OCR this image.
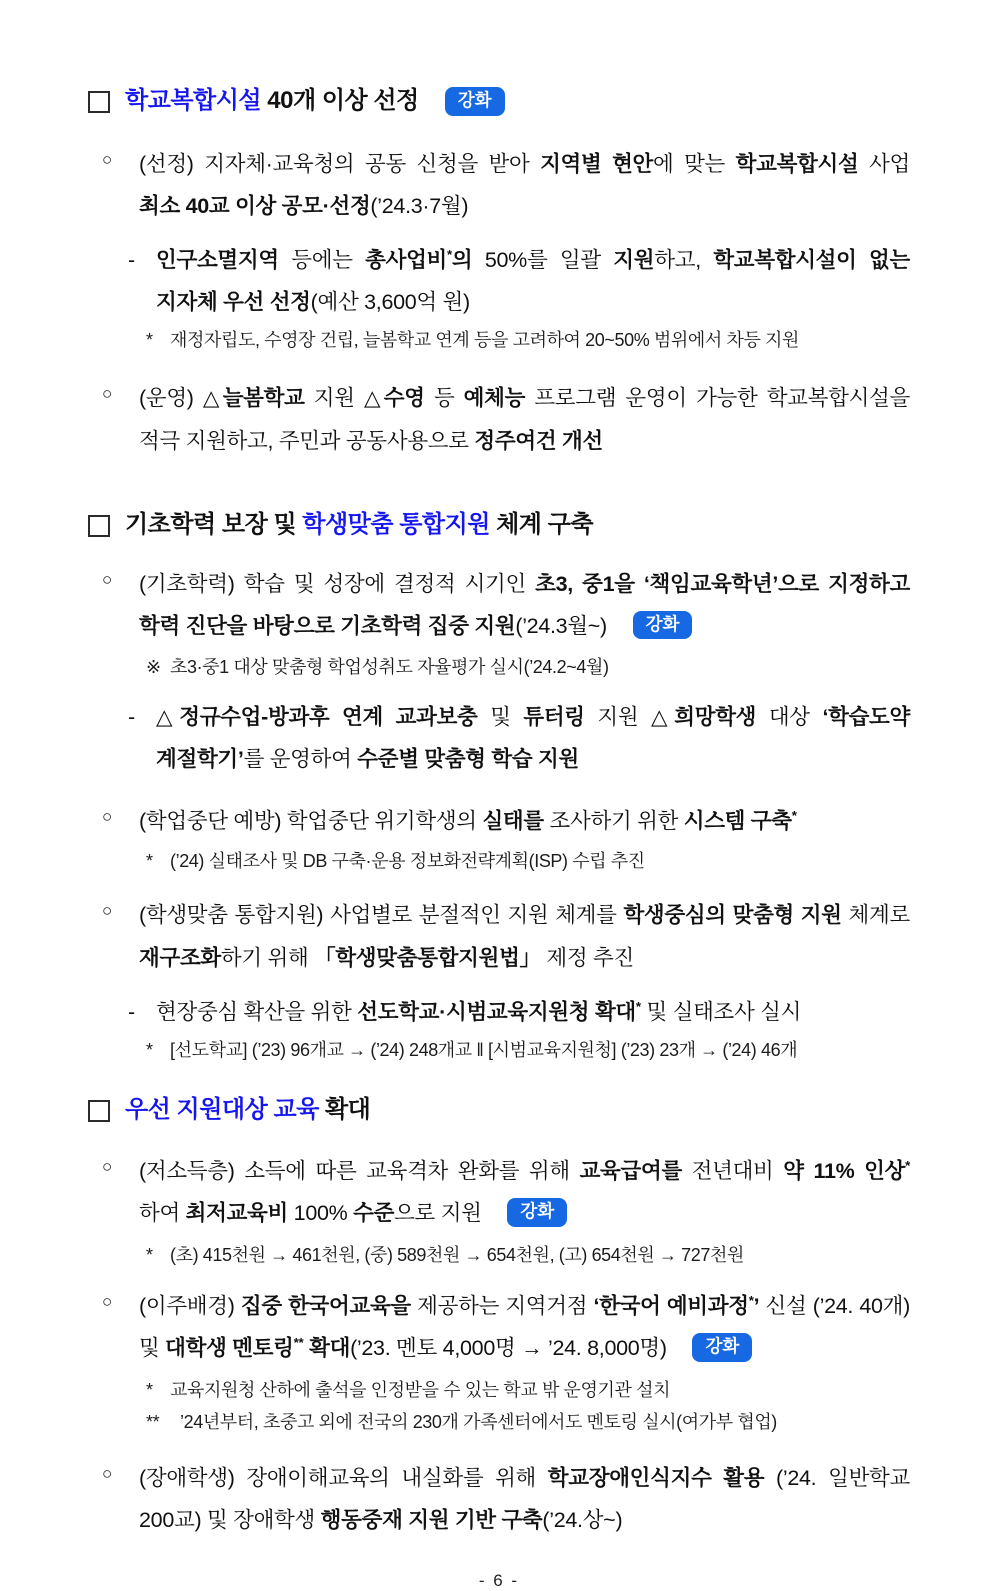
학교복합시설 40개 이상 선정 강화
○	(선정) 지자체·교육청의 공동 신청을 받아 지역별 현안에 맞는 학교복합시설 사업 최소 40교 이상 공모·선정(’24.3·7월)
- 인구소멸지역 등에는 총사업비*의 50%를 일괄 지원하고, 학교복합시설이 없는 지자체 우선 선정(예산 3,600억 원)
* 재정자립도, 수영장 건립, 늘봄학교 연계 등을 고려하여 20~50% 범위에서 차등 지원
○	(운영) △늘봄학교 지원 △수영 등 예체능 프로그램 운영이 가능한 학교복합시설을 적극 지원하고, 주민과 공동사용으로 정주여건 개선
기초학력 보장 및 학생맞춤 통합지원 체계 구축
○	(기초학력) 학습 및 성장에 결정적 시기인 초3, 중1을 ‘책임교육학년’으로 지정하고 학력 진단을 바탕으로 기초학력 집중 지원(’24.3월~) 강화
※ 초3·중1 대상 맞춤형 학업성취도 자율평가 실시(’24.2~4월)
- △정규수업-방과후 연계 교과보충 및 튜터링 지원 △희망학생 대상 ‘학습도약 계절학기’를 운영하여 수준별 맞춤형 학습 지원
○	(학업중단 예방) 학업중단 위기학생의 실태를 조사하기 위한 시스템 구축*
* (’24) 실태조사 및 DB 구축·운용 정보화전략계획(ISP) 수립 추진
○	(학생맞춤 통합지원) 사업별로 분절적인 지원 체계를 학생중심의 맞춤형 지원 체계로 재구조화하기 위해 「학생맞춤통합지원법」 제정 추진
- 현장중심 확산을 위한 선도학교·시범교육지원청 확대* 및 실태조사 실시
* [선도학교] (’23) 96개교 → (’24) 248개교 ‖ [시범교육지원청] (’23) 23개 → (’24) 46개
우선 지원대상 교육 확대
○	(저소득층) 소득에 따른 교육격차 완화를 위해 교육급여를 전년대비 약 11% 인상*하여 최저교육비 100% 수준으로 지원 강화
* (초) 415천원 → 461천원, (중) 589천원 → 654천원, (고) 654천원 → 727천원
○	(이주배경) 집중 한국어교육을 제공하는 지역거점 ‘한국어 예비과정*’ 신설 (’24. 40개) 및 대학생 멘토링** 확대(’23. 멘토 4,000명 → ’24. 8,000명) 강화
* 교육지원청 산하에 출석을 인정받을 수 있는 학교 밖 운영기관 설치
**	’24년부터, 초중고 외에 전국의 230개 가족센터에서도 멘토링 실시(여가부 협업)
○	(장애학생) 장애이해교육의 내실화를 위해 학교장애인식지수 활용 (’24. 일반학교 200교) 및 장애학생 행동중재 지원 기반 구축(’24.상~)
- 6 -
